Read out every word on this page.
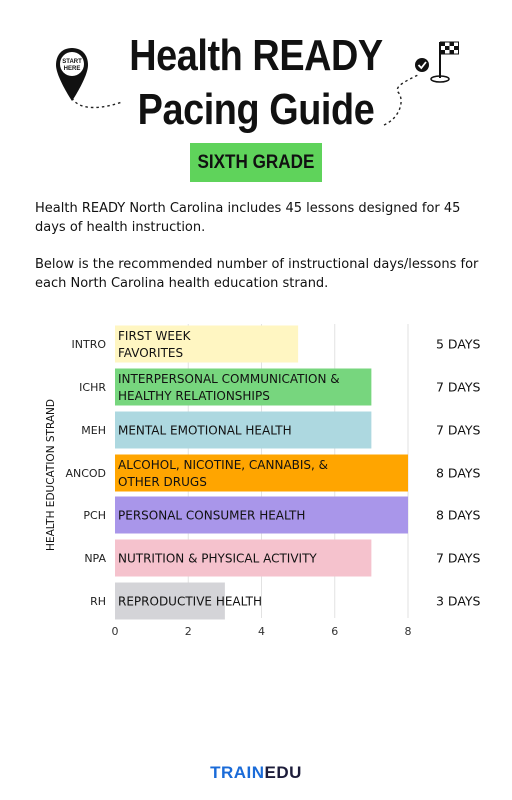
START
HERE	Health READY
Pacing Guide
SIXTH GRADE
Health READY North Carolina includes 45 lessons designed for 45 days of health instruction.
Below is the recommended number of instructional days/lessons for each North Carolina health education strand.
INTRO
FIRST WEEK
FAVORITES
5 DAYS
ICHR
INTERPERSONAL COMMUNICATION &
HEALTHY RELATIONSHIPS
7 DAYS
MEH MENTAL EMOTIONAL HEALTH	7 DAYS
ANCOD
ALCOHOL, NICOTINE, CANNABIS, &
OTHER DRUGS
8 DAYS
PCH PERSONAL CONSUMER HEALTH	8 DAYS
NPA NUTRITION & PHYSICAL ACTIVITY	7 DAYS
RH REPRODUCTIVE HEALTH	3 DAYS
0	2	4	6	8
HEALTH EDUCATION STRAND
TRAINEDU
